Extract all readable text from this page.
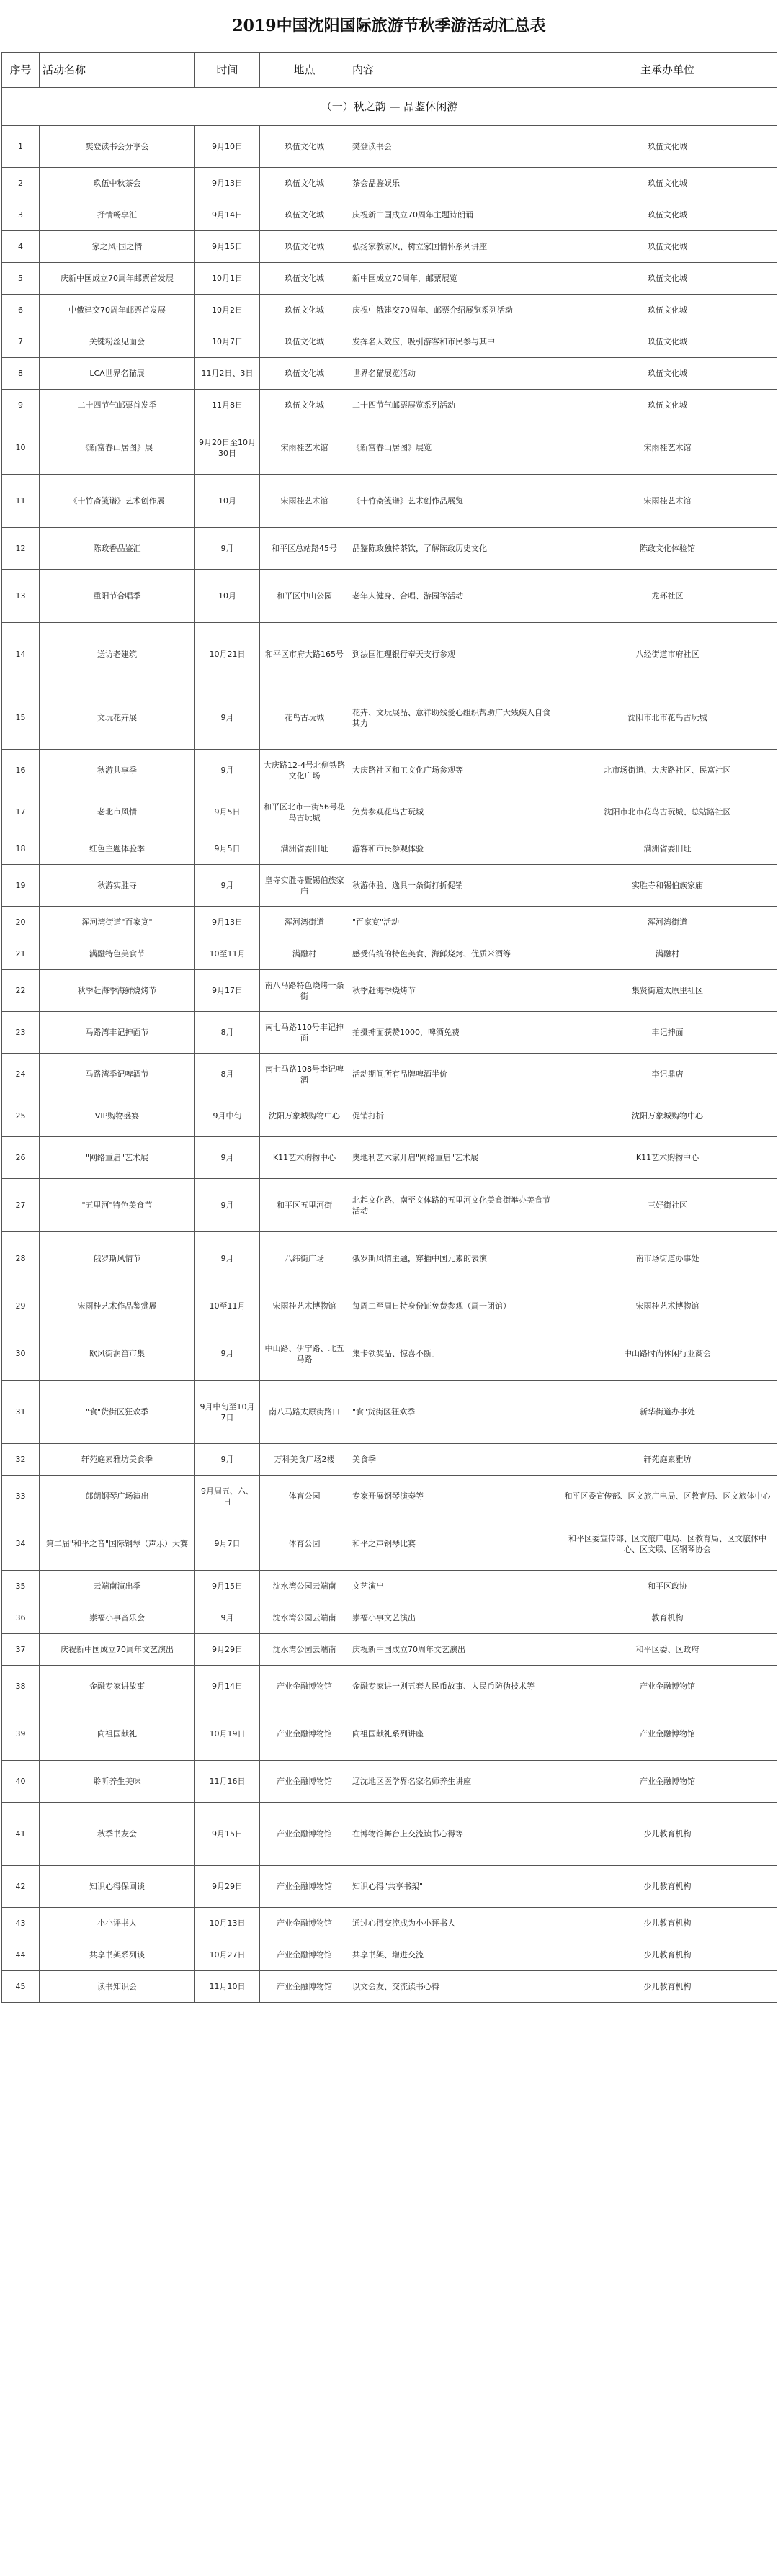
2019中国沈阳国际旅游节秋季游活动汇总表
序号	活动名称	时间	地点	内容	主承办单位
（一）秋之韵 — 品鉴休闲游					
1	樊登读书会分享会	9月10日	玖伍文化城	樊登读书会	玖伍文化城
2	玖伍中秋茶会	9月13日	玖伍文化城	茶会品鉴娱乐	玖伍文化城
3	抒情畅享汇	9月14日	玖伍文化城	庆祝新中国成立70周年主题诗朗诵	玖伍文化城
4	家之风·国之情	9月15日	玖伍文化城	弘扬家教家风、树立家国情怀系列讲座	玖伍文化城
5	庆新中国成立70周年邮票首发展	10月1日	玖伍文化城	新中国成立70周年，邮票展览	玖伍文化城
6	中俄建交70周年邮票首发展	10月2日	玖伍文化城	庆祝中俄建交70周年、邮票介绍展览系列活动	玖伍文化城
7	关键粉丝见面会	10月7日	玖伍文化城	发挥名人效应，吸引游客和市民参与其中	玖伍文化城
8	LCA世界名猫展	11月2日、3日	玖伍文化城	世界名猫展览活动	玖伍文化城
9	二十四节气邮票首发季	11月8日	玖伍文化城	二十四节气邮票展览系列活动	玖伍文化城
10	《新富春山居图》展	9月20日至10月30日	宋雨桂艺术馆	《新富春山居图》展览	宋雨桂艺术馆
11	《十竹斋笺谱》艺术创作展	10月	宋雨桂艺术馆	《十竹斋笺谱》艺术创作品展览	宋雨桂艺术馆
12	陈政香品鉴汇	9月	和平区总站路45号	品鉴陈政独特茶饮，了解陈政历史文化	陈政文化体验馆
13	重阳节合唱季	10月	和平区中山公园	老年人健身、合唱、游园等活动	龙环社区
14	送访老建筑	10月21日	和平区市府大路165号	到法国汇理银行奉天支行参观	八经街道市府社区
15	文玩花卉展	9月	花鸟古玩城	花卉、文玩展品、意祥助残爱心组织帮助广大残疾人自食其力	沈阳市北市花鸟古玩城
16	秋游共享季	9月	大庆路12-4号北侧铁路文化广场	大庆路社区和工文化广场参观等	北市场街道、大庆路社区、民富社区
17	老北市风情	9月5日	和平区北市一街56号花鸟古玩城	免费参观花鸟古玩城	沈阳市北市花鸟古玩城、总站路社区
18	红色主题体验季	9月5日	满洲省委旧址	游客和市民参观体验	满洲省委旧址
19	秋游实胜寺	9月	皇寺实胜寺暨锡伯族家庙	秋游体验、逸具一条街打折促销	实胜寺和锡伯族家庙
20	浑河湾街道"百家宴"	9月13日	浑河湾街道	"百家宴"活动	浑河湾街道
21	满融特色美食节	10至11月	满融村	感受传统的特色美食、海鲜烧烤、优质米酒等	满融村
22	秋季赶海季海鲜烧烤节	9月17日	南八马路特色烧烤一条街	秋季赶海季烧烤节	集贤街道太原里社区
23	马路湾丰记抻面节	8月	南七马路110号丰记抻面	拍摄抻面获赞1000，啤酒免费	丰记抻面
24	马路湾季记啤酒节	8月	南七马路108号李记啤酒	活动期间所有品牌啤酒半价	李记鼎店
25	VIP购物盛宴	9月中旬	沈阳万象城购物中心	促销打折	沈阳万象城购物中心
26	"网络重启"艺术展	9月	K11艺术购物中心	奥地利艺术家开启"网络重启"艺术展	K11艺术购物中心
27	"五里河"特色美食节	9月	和平区五里河街	北起文化路、南至文体路的五里河文化美食街举办美食节活动	三好街社区
28	俄罗斯风情节	9月	八纬街广场	俄罗斯风情主题，穿插中国元素的表演	南市场街道办事处
29	宋雨桂艺术作品鉴赏展	10至11月	宋雨桂艺术博物馆	每周二至周日持身份证免费参观（周一闭馆）	宋雨桂艺术博物馆
30	欧风街润笛市集	9月	中山路、伊宁路、北五马路	集卡领奖品、惊喜不断。	中山路时尚休闲行业商会
31	"食"货街区狂欢季	9月中旬至10月7日	南八马路太原街路口	"食"货街区狂欢季	新华街道办事处
32	轩苑庭素雅坊美食季	9月	万科美食广场2楼	美食季	轩苑庭素雅坊
33	郎朗钢琴广场演出	9月周五、六、日	体育公园	专家开展钢琴演奏等	和平区委宣传部、区文旅广电局、区教育局、区文旅体中心
34	第二届"和平之音"国际钢琴（声乐）大赛	9月7日	体育公园	和平之声钢琴比赛	和平区委宣传部、区文旅广电局、区教育局、区文旅体中心、区文联、区钢琴协会
35	云端南演出季	9月15日	沈水湾公园云端南	文艺演出	和平区政协
36	崇福小事音乐会	9月	沈水湾公园云端南	崇福小事文艺演出	教育机构
37	庆祝新中国成立70周年文艺演出	9月29日	沈水湾公园云端南	庆祝新中国成立70周年文艺演出	和平区委、区政府
38	金融专家讲故事	9月14日	产业金融博物馆	金融专家讲一则五套人民币故事、人民币防伪技术等	产业金融博物馆
39	向祖国献礼	10月19日	产业金融博物馆	向祖国献礼系列讲座	产业金融博物馆
40	聆听养生美味	11月16日	产业金融博物馆	辽沈地区医学界名家名师养生讲座	产业金融博物馆
41	秋季书友会	9月15日	产业金融博物馆	在博物馆舞台上交流读书心得等	少儿教育机构
42	知识心得保回谈	9月29日	产业金融博物馆	知识心得"共享书架"	少儿教育机构
43	小小评书人	10月13日	产业金融博物馆	通过心得交流成为小小评书人	少儿教育机构
44	共享书架系列谈	10月27日	产业金融博物馆	共享书架、增进交流	少儿教育机构
45	读书知识会	11月10日	产业金融博物馆	以文会友、交流读书心得	少儿教育机构
